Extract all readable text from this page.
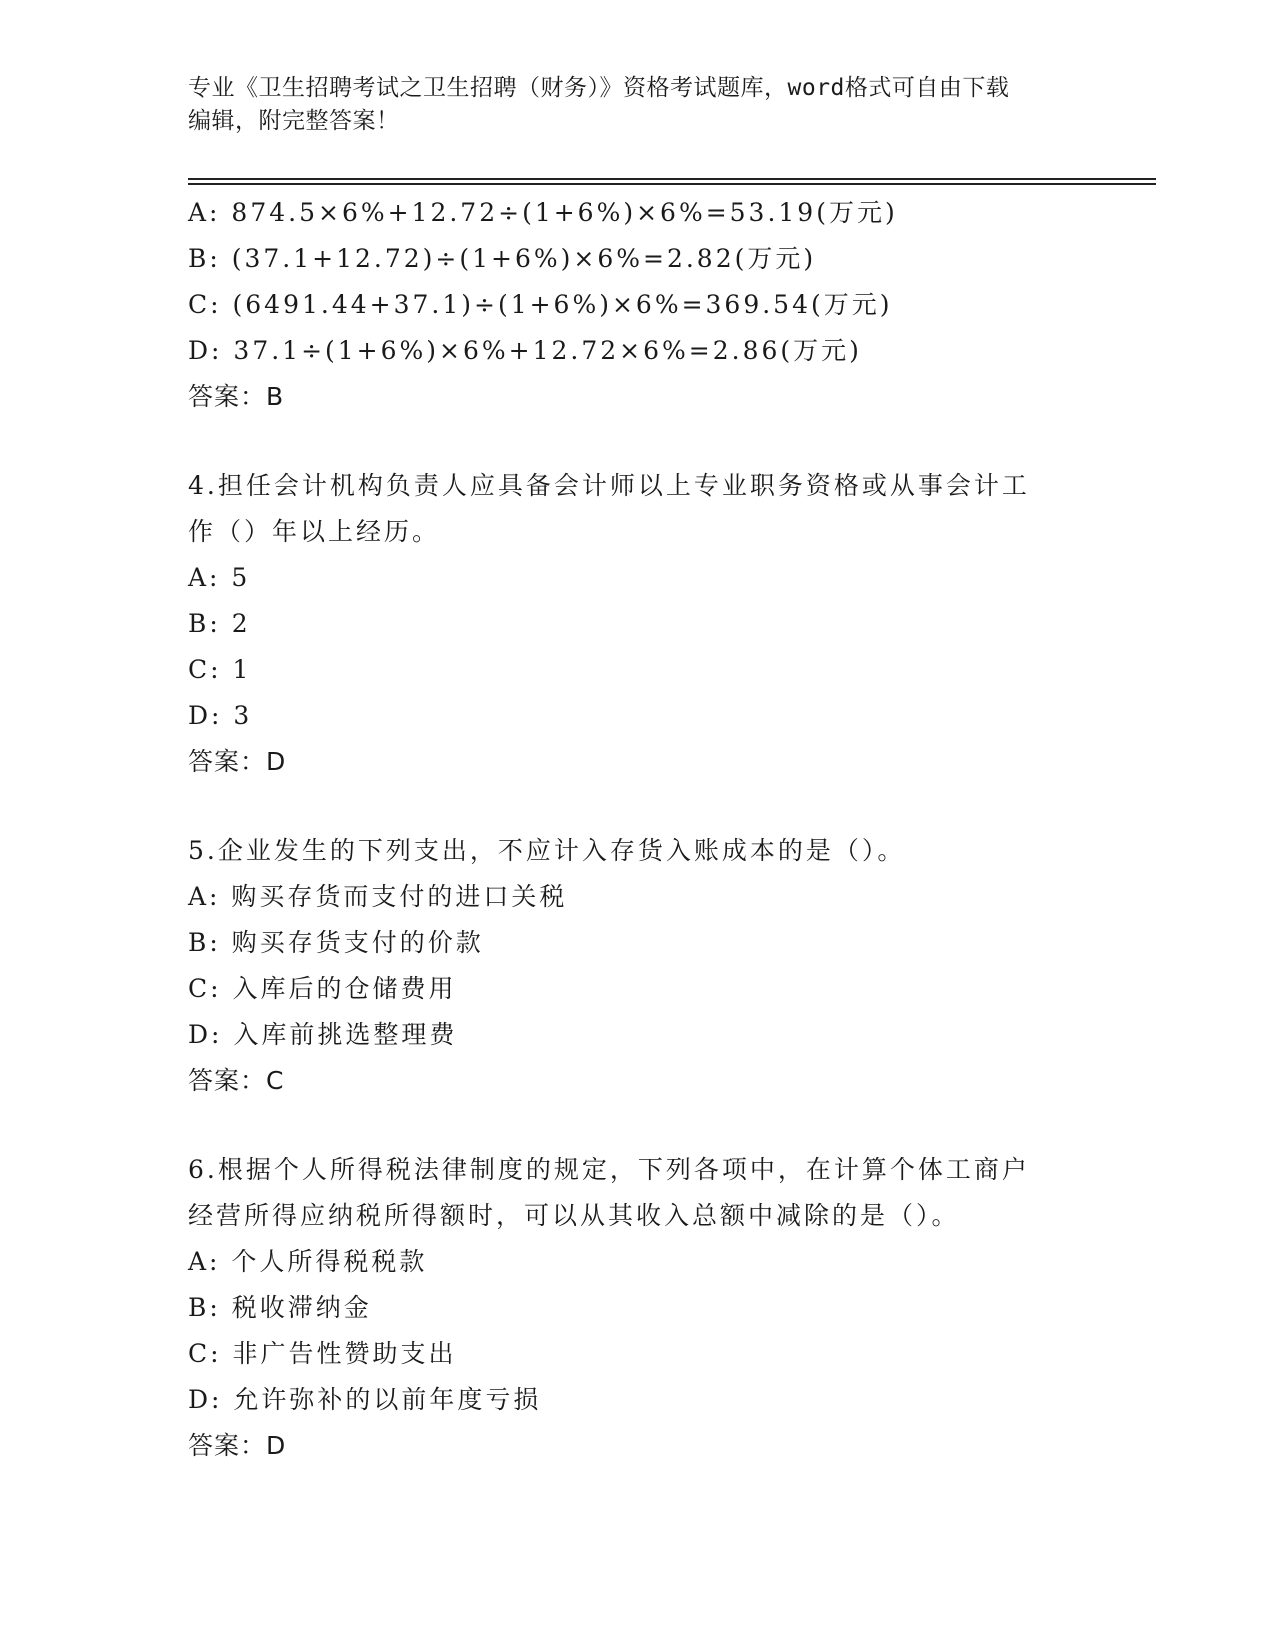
专业《卫生招聘考试之卫生招聘（财务）》资格考试题库，word格式可自由下载
编辑，附完整答案！
A: 874.5×6%+12.72÷(1+6%)×6%=53.19(万元)
B: (37.1+12.72)÷(1+6%)×6%=2.82(万元)
C: (6491.44+37.1)÷(1+6%)×6%=369.54(万元)
D: 37.1÷(1+6%)×6%+12.72×6%=2.86(万元)
答案：B
4.担任会计机构负责人应具备会计师以上专业职务资格或从事会计工
作（）年以上经历。
A: 5
B: 2
C: 1
D: 3
答案：D
5.企业发生的下列支出，不应计入存货入账成本的是（）。
A: 购买存货而支付的进口关税
B: 购买存货支付的价款
C: 入库后的仓储费用
D: 入库前挑选整理费
答案：C
6.根据个人所得税法律制度的规定，下列各项中，在计算个体工商户
经营所得应纳税所得额时，可以从其收入总额中减除的是（）。
A: 个人所得税税款
B: 税收滞纳金
C: 非广告性赞助支出
D: 允许弥补的以前年度亏损
答案：D
